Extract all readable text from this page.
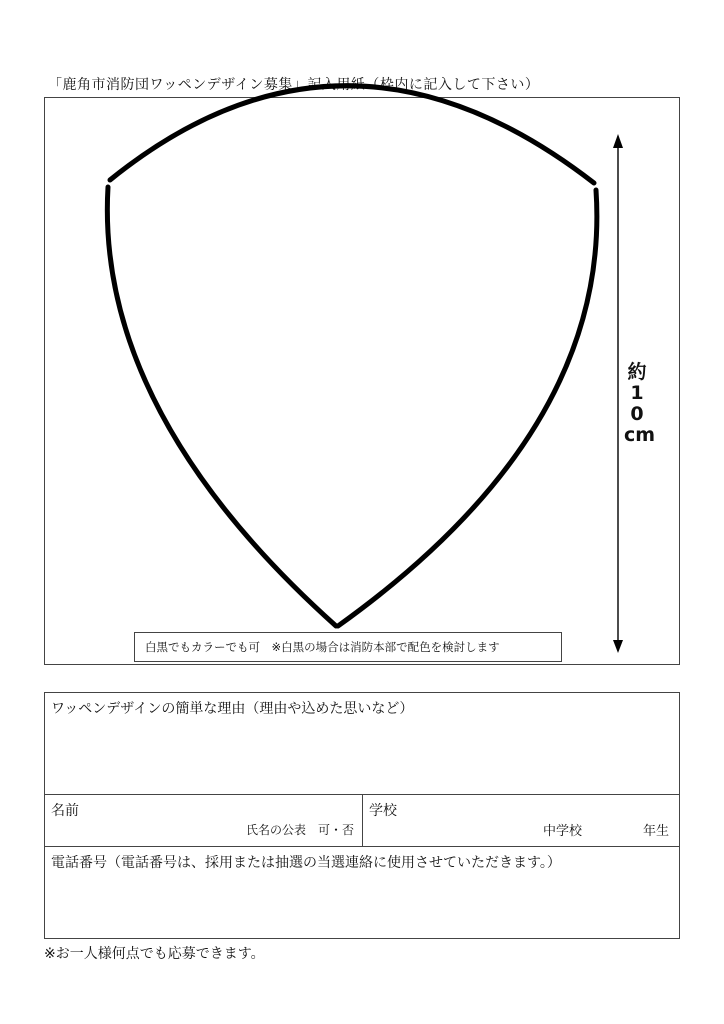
「鹿角市消防団ワッペンデザイン募集」記入用紙（枠内に記入して下さい）
約
1
0
cm
白黒でもカラーでも可　※白黒の場合は消防本部で配色を検討します
ワッペンデザインの簡単な理由（理由や込めた思いなど）
名前
氏名の公表　可・否
学校
中学校	年生
電話番号（電話番号は、採用または抽選の当選連絡に使用させていただきます。）
※お一人様何点でも応募できます。
